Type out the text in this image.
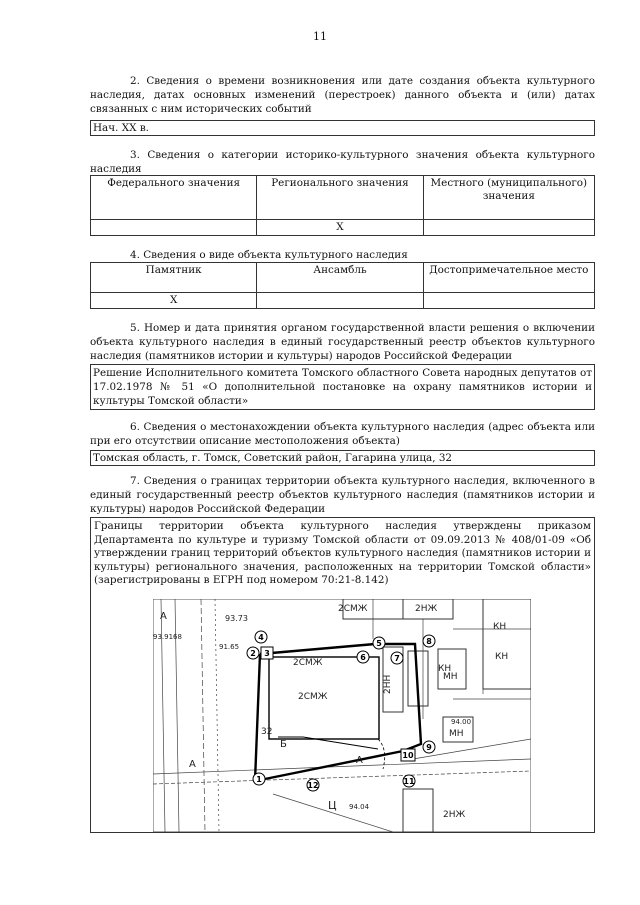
11
2. Сведения о времени возникновения или дате создания объекта культурного наследия, датах основных изменений (перестроек) данного объекта и (или) датах связанных с ним исторических событий
Нач. XX в.
3. Сведения о категории историко-культурного значения объекта культурного наследия
Федерального значения	Регионального значения	Местного (муниципального) значения
	X	
4. Сведения о виде объекта культурного наследия
Памятник	Ансамбль	Достопримечательное место
X		
5. Номер и дата принятия органом государственной власти решения о включении объекта культурного наследия в единый государственный реестр объектов культурного наследия (памятников истории и культуры) народов Российской Федерации
Решение Исполнительного комитета Томского областного Совета народных депутатов от 17.02.1978 № 51 «О дополнительной постановке на охрану памятников истории и культуры Томской области»
6. Сведения о местонахождении объекта культурного наследия (адрес объекта или при его отсутствии описание местоположения объекта)
Томская область, г. Томск, Советский район, Гагарина улица, 32
7. Сведения о границах территории объекта культурного наследия, включенного в единый государственный реестр объектов культурного наследия (памятников истории и культуры) народов Российской Федерации
Границы территории объекта культурного наследия утверждены приказом Департамента по культуре и туризму Томской области от 09.09.2013 № 408/01-09 «Об утверждении границ территорий объектов культурного наследия (памятников истории и культуры) регионального значения, расположенных на территории Томской области» (зарегистрированы в ЕГРН под номером 70:21-8.142)
2СМЖ
2СМЖ
2СМЖ
2НЖ
2НЖ
КН
КН
КН
МН
МН
2НН
Ц
Б
А
А
А
32
93.73
94.00
94.04
93.9168
91.65
1
2 3
4
5
6	7
8
9
10
11
12
